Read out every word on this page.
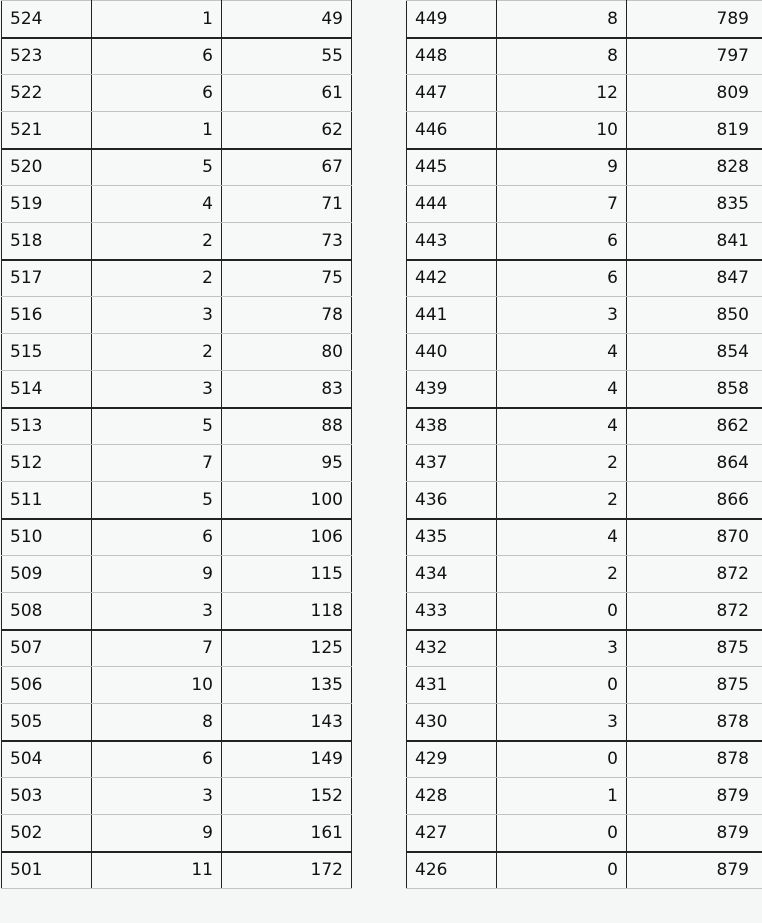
524	1	49
523	6	55
522	6	61
521	1	62
520	5	67
519	4	71
518	2	73
517	2	75
516	3	78
515	2	80
514	3	83
513	5	88
512	7	95
511	5	100
510	6	106
509	9	115
508	3	118
507	7	125
506	10	135
505	8	143
504	6	149
503	3	152
502	9	161
501	11	172
449	8	789
448	8	797
447	12	809
446	10	819
445	9	828
444	7	835
443	6	841
442	6	847
441	3	850
440	4	854
439	4	858
438	4	862
437	2	864
436	2	866
435	4	870
434	2	872
433	0	872
432	3	875
431	0	875
430	3	878
429	0	878
428	1	879
427	0	879
426	0	879
